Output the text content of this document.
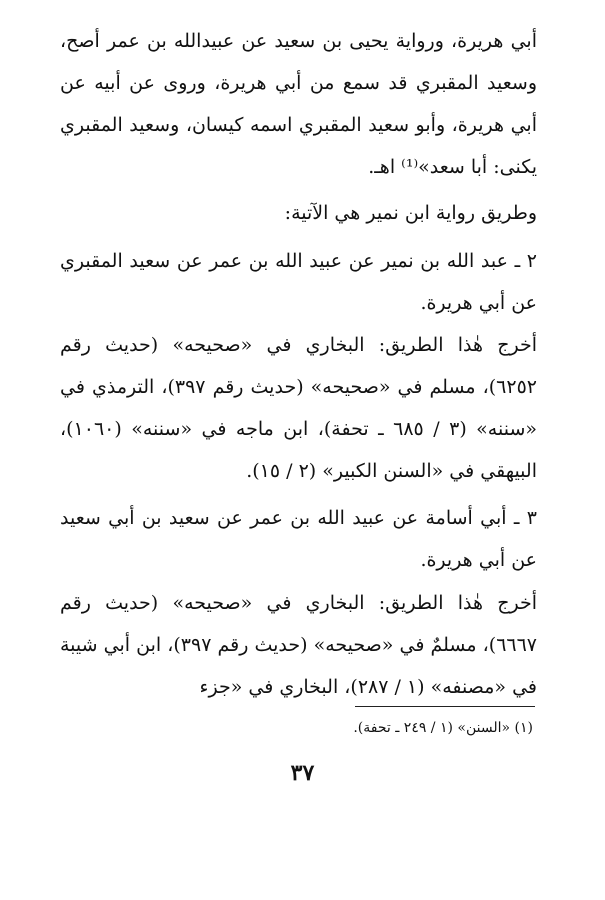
أبي هريرة، ورواية يحيى بن سعيد عن عبيدالله بن عمر أصح، وسعيد المقبري قد سمع من أبي هريرة، وروى عن أبيه عن أبي هريرة، وأبو سعيد المقبري اسمه كيسان، وسعيد المقبري يكنى: أبا سعد»⁽¹⁾ اهـ.

وطريق رواية ابن نمير هي الآتية:

٢ ـ عبد الله بن نمير عن عبيد الله بن عمر عن سعيد المقبري عن أبي هريرة.

أخرج هٰذا الطريق: البخاري في «صحيحه» (حديث رقم ٦٢٥٢)، مسلم في «صحيحه» (حديث رقم ٣٩٧)، الترمذي في «سننه» (٣ / ٦٨٥ ـ تحفة)، ابن ماجه في «سننه» (١٠٦٠)، البيهقي في «السنن الكبير» (٢ / ١٥).

٣ ـ أبي أسامة عن عبيد الله بن عمر عن سعيد بن أبي سعيد عن أبي هريرة.

أخرج هٰذا الطريق: البخاري في «صحيحه» (حديث رقم ٦٦٦٧)، مسلمٌ في «صحيحه» (حديث رقم ٣٩٧)، ابن أبي شيبة في «مصنفه» (١ / ٢٨٧)، البخاري في «جزء

(١) «السنن» (١ / ٢٤٩ ـ تحفة).

٣٧
